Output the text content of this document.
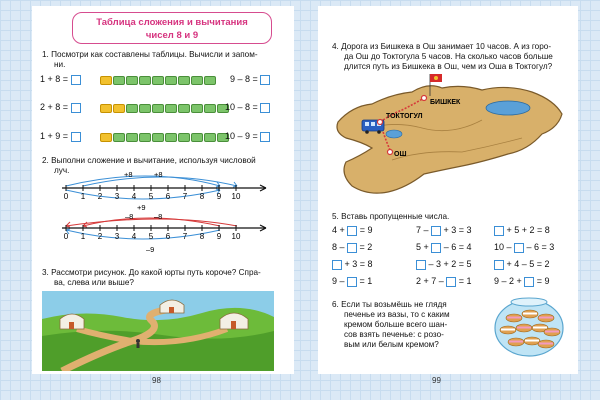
Таблица сложения и вычитания
чисел 8 и 9
1. Посмотри как составлены таблицы. Вычисли и запом-
ни.
1 + 8 =	9 – 8 =
2 + 8 =	10 – 8 =
1 + 9 =	10 – 9 =
2. Выполни сложение и вычитание, используя числовой
луч.	+8	+8
+9
0 1 2 3 4 5 6 7 8 9 10
–8	–8
–9
0 1 2 3 4 5 6 7 8 9 10
3. Рассмотри рисунок. До какой юрты путь короче? Спра-
ва, слева или выше?
98
4. Дорога из Бишкека в Ош занимает 10 часов. А из горо-
да Ош до Токтогула 5 часов. На сколько часов больше
длится путь из Бишкека в Ош, чем из Оша в Токтогул?
БИШКЕК
ТОКТОГУЛ
ОШ
5. Вставь пропущенные числа.
6. Если ты возьмёшь не глядя
печенье из вазы, то с каким
кремом больше всего шан-
сов взять печенье: с розо-
вым или белым кремом?
4 +  = 9	7 –  + 3 = 3	+ 5 + 2 = 8
8 –  = 2	5 +  – 6 = 4 10 –  – 6 = 3
+ 3 = 8	– 3 + 2 = 5	+ 4 – 5 = 2
9 –  = 1	2 + 7 –  = 1 9 – 2 +  = 9
99
